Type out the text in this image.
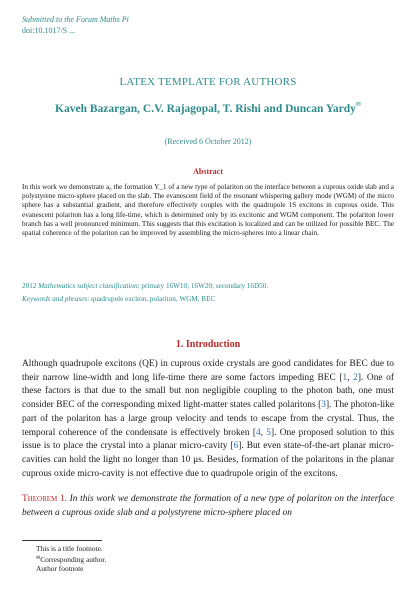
Submitted to the Forum Maths Pi
doi:10.1017/S ...
LATEX TEMPLATE FOR AUTHORS
Kaveh Bazargan, C.V. Rajagopal, T. Rishi and Duncan Yardy✉
(Received 6 October 2012)
Abstract
In this work we demonstrate a₀ the formation Y_1 of a new type of polariton on the interface between a cuprous oxide slab and a polystyrene micro-sphere placed on the slab. The evanescent field of the resonant whispering gallery mode (WGM) of the micro sphere has a substantial gradient, and therefore effectively couples with the quadrupole 1S excitons in cuprous oxide. This evanescent polariton has a long life-time, which is determined only by its excitonic and WGM component. The polariton lower branch has a well pronounced minimum. This suggests that this excitation is localized and can be utilized for possible BEC. The spatial coherence of the polariton can be improved by assembling the micro-spheres into a linear chain.
2012 Mathematics subject classification: primary 16W10; 16W20; secondary 16D50.
Keywords and phrases: quadrupole exciton, polariton, WGM, BEC
1. Introduction
Although quadrupole excitons (QE) in cuprous oxide crystals are good candidates for BEC due to their narrow line-width and long life-time there are some factors impeding BEC [1, 2]. One of these factors is that due to the small but non negligible coupling to the photon bath, one must consider BEC of the corresponding mixed light-matter states called polaritons [3]. The photon-like part of the polariton has a large group velocity and tends to escape from the crystal. Thus, the temporal coherence of the condensate is effectively broken [4, 5]. One proposed solution to this issue is to place the crystal into a planar micro-cavity [6]. But even state-of-the-art planar micro-cavities can hold the light no longer than 10 μs. Besides, formation of the polaritons in the planar cuprous oxide micro-cavity is not effective due to quadrupole origin of the excitons.
Theorem 1. In this work we demonstrate the formation of a new type of polariton on the interface between a cuprous oxide slab and a polystyrene micro-sphere placed on
This is a title footnote.
✉Corresponding author.
Author footnote
